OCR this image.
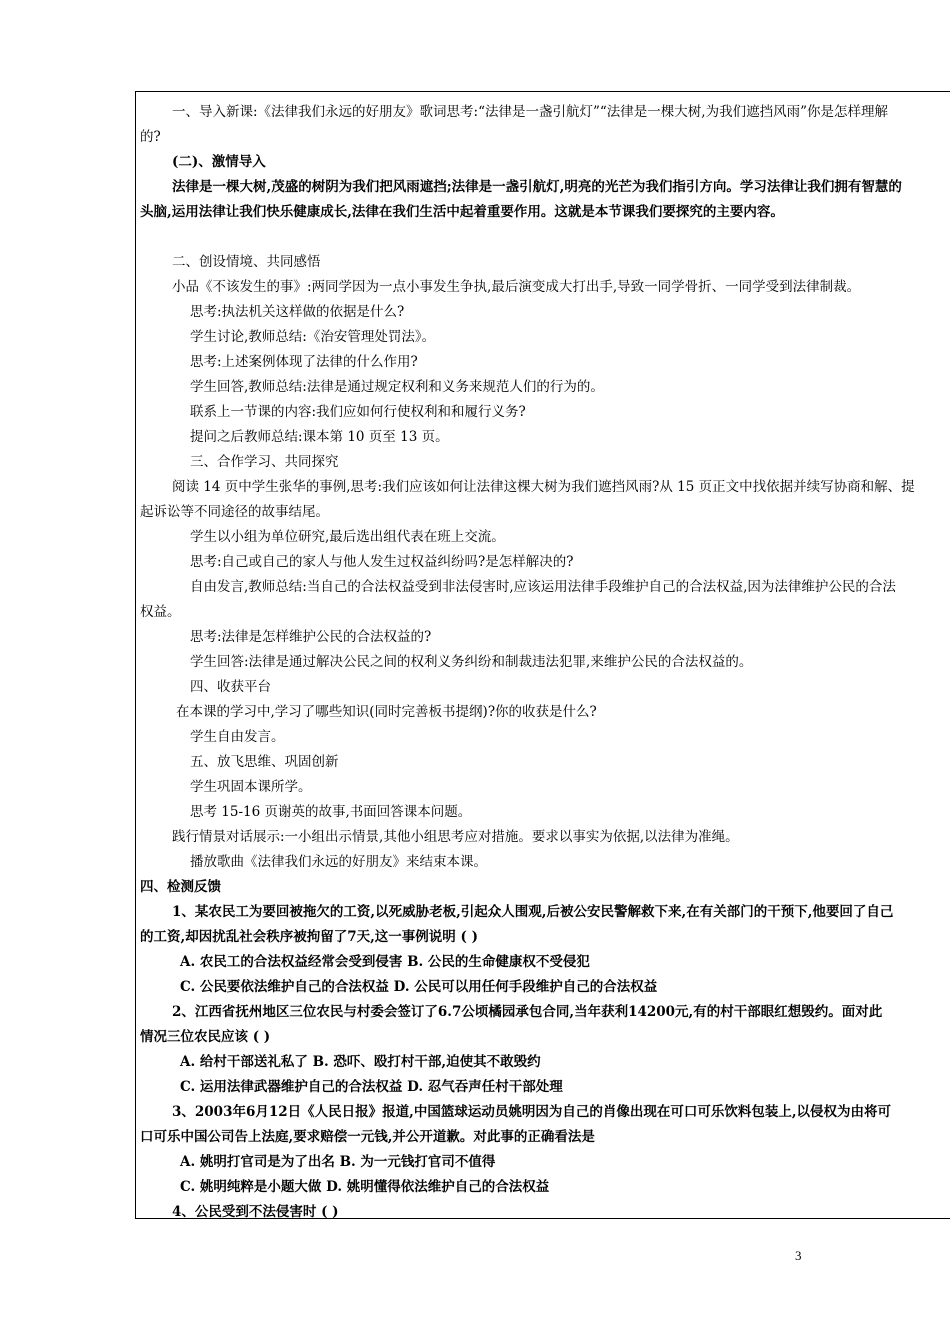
一、导入新课:《法律我们永远的好朋友》歌词思考:“法律是一盏引航灯”“法律是一棵大树,为我们遮挡风雨”你是怎样理解
的?
(二)、激情导入
法律是一棵大树,茂盛的树阴为我们把风雨遮挡;法律是一盏引航灯,明亮的光芒为我们指引方向。学习法律让我们拥有智慧的
头脑,运用法律让我们快乐健康成长,法律在我们生活中起着重要作用。这就是本节课我们要探究的主要内容。
二、创设情境、共同感悟
小品《不该发生的事》:两同学因为一点小事发生争执,最后演变成大打出手,导致一同学骨折、一同学受到法律制裁。
思考:执法机关这样做的依据是什么?
学生讨论,教师总结:《治安管理处罚法》。
思考:上述案例体现了法律的什么作用?
学生回答,教师总结:法律是通过规定权利和义务来规范人们的行为的。
联系上一节课的内容:我们应如何行使权利和和履行义务?
提问之后教师总结:课本第 10 页至 13 页。
三、合作学习、共同探究
阅读 14 页中学生张华的事例,思考:我们应该如何让法律这棵大树为我们遮挡风雨?从 15 页正文中找依据并续写协商和解、提
起诉讼等不同途径的故事结尾。
学生以小组为单位研究,最后选出组代表在班上交流。
思考:自己或自己的家人与他人发生过权益纠纷吗?是怎样解决的?
自由发言,教师总结:当自己的合法权益受到非法侵害时,应该运用法律手段维护自己的合法权益,因为法律维护公民的合法
权益。
思考:法律是怎样维护公民的合法权益的?
学生回答:法律是通过解决公民之间的权利义务纠纷和制裁违法犯罪,来维护公民的合法权益的。
四、收获平台
在本课的学习中,学习了哪些知识(同时完善板书提纲)?你的收获是什么?
学生自由发言。
五、放飞思维、巩固创新
学生巩固本课所学。
思考 15-16 页谢英的故事,书面回答课本问题。
践行情景对话展示:一小组出示情景,其他小组思考应对措施。要求以事实为依据,以法律为准绳。
播放歌曲《法律我们永远的好朋友》来结束本课。
四、检测反馈
1、某农民工为要回被拖欠的工资,以死威胁老板,引起众人围观,后被公安民警解救下来,在有关部门的干预下,他要回了自己
的工资,却因扰乱社会秩序被拘留了7天,这一事例说明 ( )
A. 农民工的合法权益经常会受到侵害 B. 公民的生命健康权不受侵犯
C. 公民要依法维护自己的合法权益 D. 公民可以用任何手段维护自己的合法权益
2、江西省抚州地区三位农民与村委会签订了6.7公顷橘园承包合同,当年获利14200元,有的村干部眼红想毁约。面对此
情况三位农民应该 ( )
A. 给村干部送礼私了 B. 恐吓、殴打村干部,迫使其不敢毁约
C. 运用法律武器维护自己的合法权益 D. 忍气吞声任村干部处理
3、2003年6月12日《人民日报》报道,中国篮球运动员姚明因为自己的肖像出现在可口可乐饮料包装上,以侵权为由将可
口可乐中国公司告上法庭,要求赔偿一元钱,并公开道歉。对此事的正确看法是
A. 姚明打官司是为了出名 B. 为一元钱打官司不值得
C. 姚明纯粹是小题大做 D. 姚明懂得依法维护自己的合法权益
4、公民受到不法侵害时 ( )
3
